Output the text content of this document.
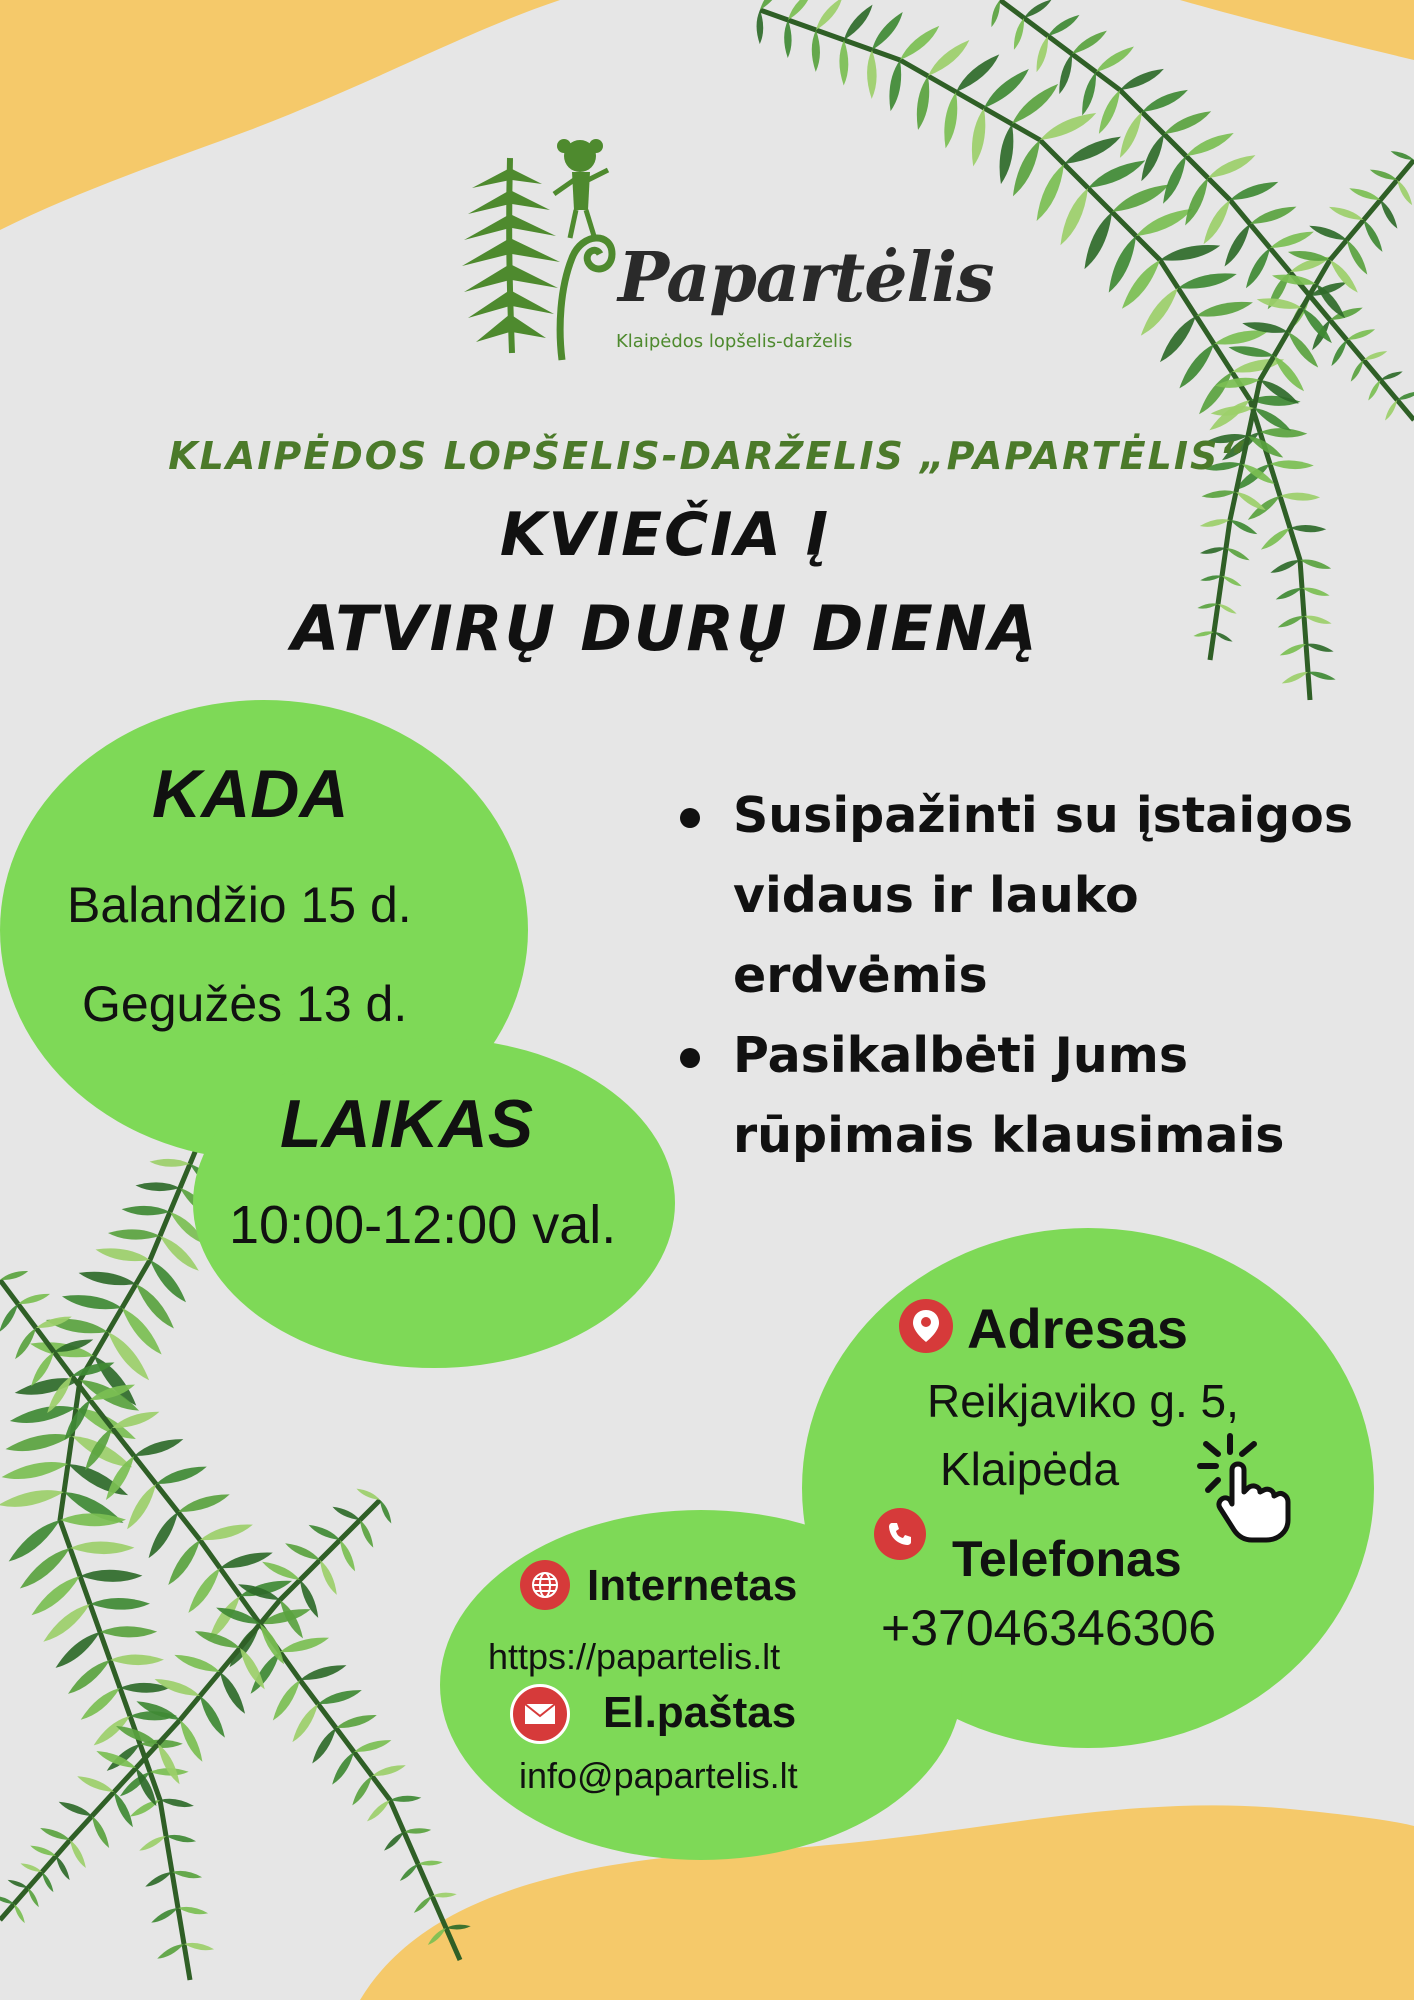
Papartėlis
Klaipėdos lopšelis-darželis
KLAIPĖDOS LOPŠELIS-DARŽELIS „PAPARTĖLIS“
KVIEČIA Į
ATVIRŲ DURŲ DIENĄ
KADA
Balandžio 15 d.
Gegužės 13 d.
LAIKAS
10:00-12:00 val.
Susipažinti su įstaigos vidaus ir lauko erdvėmis
Pasikalbėti Jums rūpimais klausimais
Adresas
Reikjaviko g. 5,
Klaipėda
Telefonas
+37046346306
Internetas
https://papartelis.lt
El.paštas
info@papartelis.lt
